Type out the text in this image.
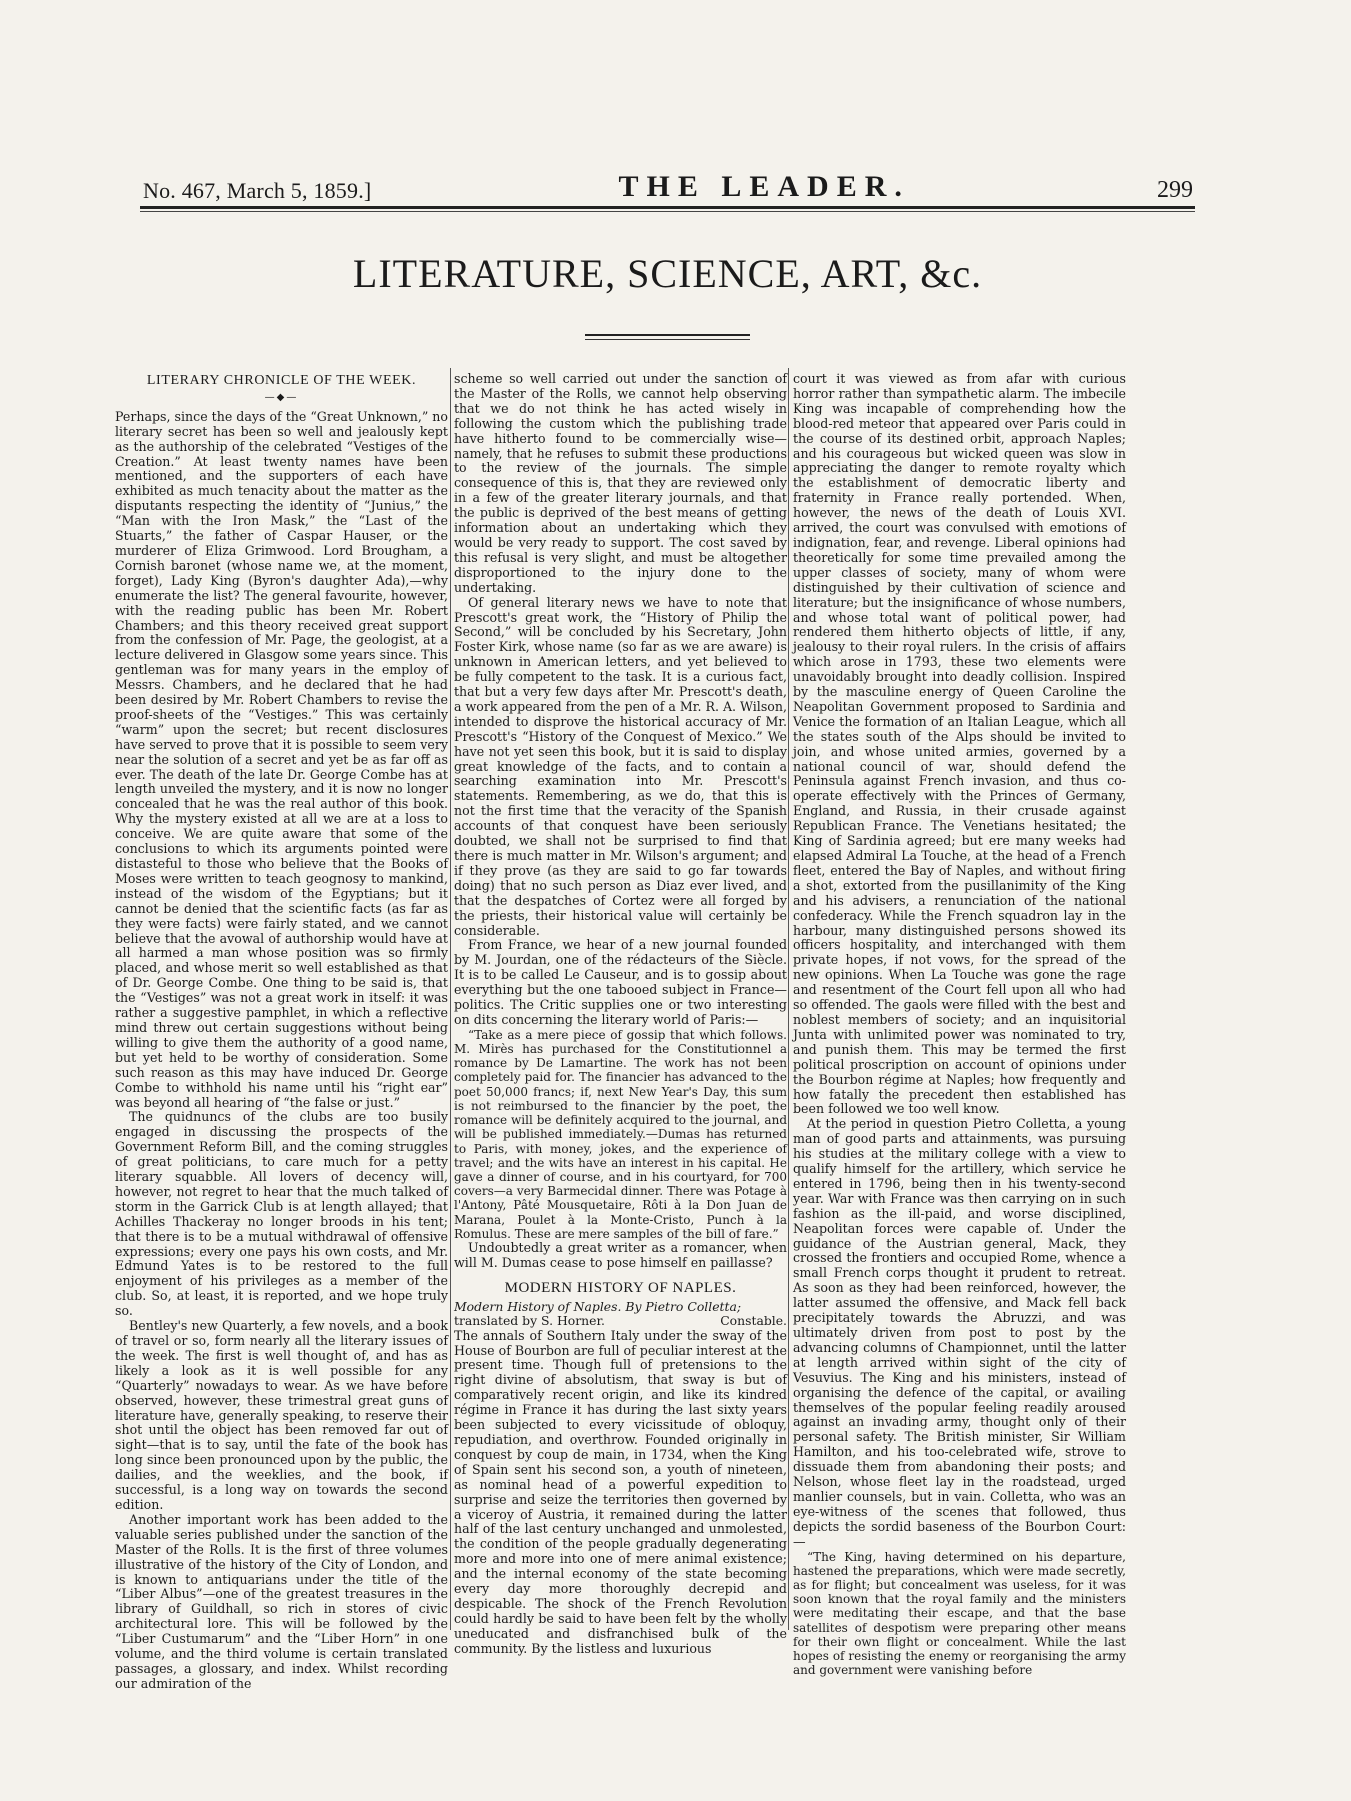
No. 467, March 5, 1859.]	THE LEADER.	299
LITERATURE, SCIENCE, ART, &c.
LITERARY CHRONICLE OF THE WEEK.
—◆—

Perhaps, since the days of the “Great Unknown,” no literary secret has been so well and jealously kept as the authorship of the celebrated “Vestiges of the Creation.” At least twenty names have been mentioned, and the supporters of each have exhibited as much tenacity about the matter as the disputants respecting the identity of “Junius,” the “Man with the Iron Mask,” the “Last of the Stuarts,” the father of Caspar Hauser, or the murderer of Eliza Grimwood. Lord Brougham, a Cornish baronet (whose name we, at the moment, forget), Lady King (Byron's daughter Ada),—why enumerate the list? The general favourite, however, with the reading public has been Mr. Robert Chambers; and this theory received great support from the confession of Mr. Page, the geologist, at a lecture delivered in Glasgow some years since. This gentleman was for many years in the employ of Messrs. Chambers, and he declared that he had been desired by Mr. Robert Chambers to revise the proof-sheets of the “Vestiges.” This was certainly “warm” upon the secret; but recent disclosures have served to prove that it is possible to seem very near the solution of a secret and yet be as far off as ever. The death of the late Dr. George Combe has at length unveiled the mystery, and it is now no longer concealed that he was the real author of this book. Why the mystery existed at all we are at a loss to conceive. We are quite aware that some of the conclusions to which its arguments pointed were distasteful to those who believe that the Books of Moses were written to teach geognosy to mankind, instead of the wisdom of the Egyptians; but it cannot be denied that the scientific facts (as far as they were facts) were fairly stated, and we cannot believe that the avowal of authorship would have at all harmed a man whose position was so firmly placed, and whose merit so well established as that of Dr. George Combe. One thing to be said is, that the “Vestiges” was not a great work in itself: it was rather a suggestive pamphlet, in which a reflective mind threw out certain suggestions without being willing to give them the authority of a good name, but yet held to be worthy of consideration. Some such reason as this may have induced Dr. George Combe to withhold his name until his “right ear” was beyond all hearing of “the false or just.”

The quidnuncs of the clubs are too busily engaged in discussing the prospects of the Government Reform Bill, and the coming struggles of great politicians, to care much for a petty literary squabble. All lovers of decency will, however, not regret to hear that the much talked of storm in the Garrick Club is at length allayed; that Achilles Thackeray no longer broods in his tent; that there is to be a mutual withdrawal of offensive expressions; every one pays his own costs, and Mr. Edmund Yates is to be restored to the full enjoyment of his privileges as a member of the club. So, at least, it is reported, and we hope truly so.

Bentley's new Quarterly, a few novels, and a book of travel or so, form nearly all the literary issues of the week. The first is well thought of, and has as likely a look as it is well possible for any “Quarterly” nowadays to wear. As we have before observed, however, these trimestral great guns of literature have, generally speaking, to reserve their shot until the object has been removed far out of sight—that is to say, until the fate of the book has long since been pronounced upon by the public, the dailies, and the weeklies, and the book, if successful, is a long way on towards the second edition.

Another important work has been added to the valuable series published under the sanction of the Master of the Rolls. It is the first of three volumes illustrative of the history of the City of London, and is known to antiquarians under the title of the “Liber Albus”—one of the greatest treasures in the library of Guildhall, so rich in stores of civic architectural lore. This will be followed by the “Liber Custumarum” and the “Liber Horn” in one volume, and the third volume is certain translated passages, a glossary, and index. Whilst recording our admiration of the

scheme so well carried out under the sanction of the Master of the Rolls, we cannot help observing that we do not think he has acted wisely in following the custom which the publishing trade have hitherto found to be commercially wise—namely, that he refuses to submit these productions to the review of the journals. The simple consequence of this is, that they are reviewed only in a few of the greater literary journals, and that the public is deprived of the best means of getting information about an undertaking which they would be very ready to support. The cost saved by this refusal is very slight, and must be altogether disproportioned to the injury done to the undertaking.

Of general literary news we have to note that Prescott's great work, the “History of Philip the Second,” will be concluded by his Secretary, John Foster Kirk, whose name (so far as we are aware) is unknown in American letters, and yet believed to be fully competent to the task. It is a curious fact, that but a very few days after Mr. Prescott's death, a work appeared from the pen of a Mr. R. A. Wilson, intended to disprove the historical accuracy of Mr. Prescott's “History of the Conquest of Mexico.” We have not yet seen this book, but it is said to display great knowledge of the facts, and to contain a searching examination into Mr. Prescott's statements. Remembering, as we do, that this is not the first time that the veracity of the Spanish accounts of that conquest have been seriously doubted, we shall not be surprised to find that there is much matter in Mr. Wilson's argument; and if they prove (as they are said to go far towards doing) that no such person as Diaz ever lived, and that the despatches of Cortez were all forged by the priests, their historical value will certainly be considerable.

From France, we hear of a new journal founded by M. Jourdan, one of the rédacteurs of the Siècle. It is to be called Le Causeur, and is to gossip about everything but the one tabooed subject in France—politics. The Critic supplies one or two interesting on dits concerning the literary world of Paris:—

“Take as a mere piece of gossip that which follows. M. Mirès has purchased for the Constitutionnel a romance by De Lamartine. The work has not been completely paid for. The financier has advanced to the poet 50,000 francs; if, next New Year's Day, this sum is not reimbursed to the financier by the poet, the romance will be definitely acquired to the journal, and will be published immediately.—Dumas has returned to Paris, with money, jokes, and the experience of travel; and the wits have an interest in his capital. He gave a dinner of course, and in his courtyard, for 700 covers—a very Barmecidal dinner. There was Potage à l'Antony, Pâté Mousquetaire, Rôti à la Don Juan de Marana, Poulet à la Monte-Cristo, Punch à la Romulus. These are mere samples of the bill of fare.”

Undoubtedly a great writer as a romancer, when will M. Dumas cease to pose himself en paillasse?

MODERN HISTORY OF NAPLES.
Modern History of Naples. By Pietro Colletta;
translated by S. Horner.	Constable.

The annals of Southern Italy under the sway of the House of Bourbon are full of peculiar interest at the present time. Though full of pretensions to the right divine of absolutism, that sway is but of comparatively recent origin, and like its kindred régime in France it has during the last sixty years been subjected to every vicissitude of obloquy, repudiation, and overthrow. Founded originally in conquest by coup de main, in 1734, when the King of Spain sent his second son, a youth of nineteen, as nominal head of a powerful expedition to surprise and seize the territories then governed by a viceroy of Austria, it remained during the latter half of the last century unchanged and unmolested, the condition of the people gradually degenerating more and more into one of mere animal existence; and the internal economy of the state becoming every day more thoroughly decrepid and despicable. The shock of the French Revolution could hardly be said to have been felt by the wholly uneducated and disfranchised bulk of the community. By the listless and luxurious

court it was viewed as from afar with curious horror rather than sympathetic alarm. The imbecile King was incapable of comprehending how the blood-red meteor that appeared over Paris could in the course of its destined orbit, approach Naples; and his courageous but wicked queen was slow in appreciating the danger to remote royalty which the establishment of democratic liberty and fraternity in France really portended. When, however, the news of the death of Louis XVI. arrived, the court was convulsed with emotions of indignation, fear, and revenge. Liberal opinions had theoretically for some time prevailed among the upper classes of society, many of whom were distinguished by their cultivation of science and literature; but the insignificance of whose numbers, and whose total want of political power, had rendered them hitherto objects of little, if any, jealousy to their royal rulers. In the crisis of affairs which arose in 1793, these two elements were unavoidably brought into deadly collision. Inspired by the masculine energy of Queen Caroline the Neapolitan Government proposed to Sardinia and Venice the formation of an Italian League, which all the states south of the Alps should be invited to join, and whose united armies, governed by a national council of war, should defend the Peninsula against French invasion, and thus co-operate effectively with the Princes of Germany, England, and Russia, in their crusade against Republican France. The Venetians hesitated; the King of Sardinia agreed; but ere many weeks had elapsed Admiral La Touche, at the head of a French fleet, entered the Bay of Naples, and without firing a shot, extorted from the pusillanimity of the King and his advisers, a renunciation of the national confederacy. While the French squadron lay in the harbour, many distinguished persons showed its officers hospitality, and interchanged with them private hopes, if not vows, for the spread of the new opinions. When La Touche was gone the rage and resentment of the Court fell upon all who had so offended. The gaols were filled with the best and noblest members of society; and an inquisitorial Junta with unlimited power was nominated to try, and punish them. This may be termed the first political proscription on account of opinions under the Bourbon régime at Naples; how frequently and how fatally the precedent then established has been followed we too well know.

At the period in question Pietro Colletta, a young man of good parts and attainments, was pursuing his studies at the military college with a view to qualify himself for the artillery, which service he entered in 1796, being then in his twenty-second year. War with France was then carrying on in such fashion as the ill-paid, and worse disciplined, Neapolitan forces were capable of. Under the guidance of the Austrian general, Mack, they crossed the frontiers and occupied Rome, whence a small French corps thought it prudent to retreat. As soon as they had been reinforced, however, the latter assumed the offensive, and Mack fell back precipitately towards the Abruzzi, and was ultimately driven from post to post by the advancing columns of Championnet, until the latter at length arrived within sight of the city of Vesuvius. The King and his ministers, instead of organising the defence of the capital, or availing themselves of the popular feeling readily aroused against an invading army, thought only of their personal safety. The British minister, Sir William Hamilton, and his too-celebrated wife, strove to dissuade them from abandoning their posts; and Nelson, whose fleet lay in the roadstead, urged manlier counsels, but in vain. Colletta, who was an eye-witness of the scenes that followed, thus depicts the sordid baseness of the Bourbon Court:—

“The King, having determined on his departure, hastened the preparations, which were made secretly, as for flight; but concealment was useless, for it was soon known that the royal family and the ministers were meditating their escape, and that the base satellites of despotism were preparing other means for their own flight or concealment. While the last hopes of resisting the enemy or reorganising the army and government were vanishing before
